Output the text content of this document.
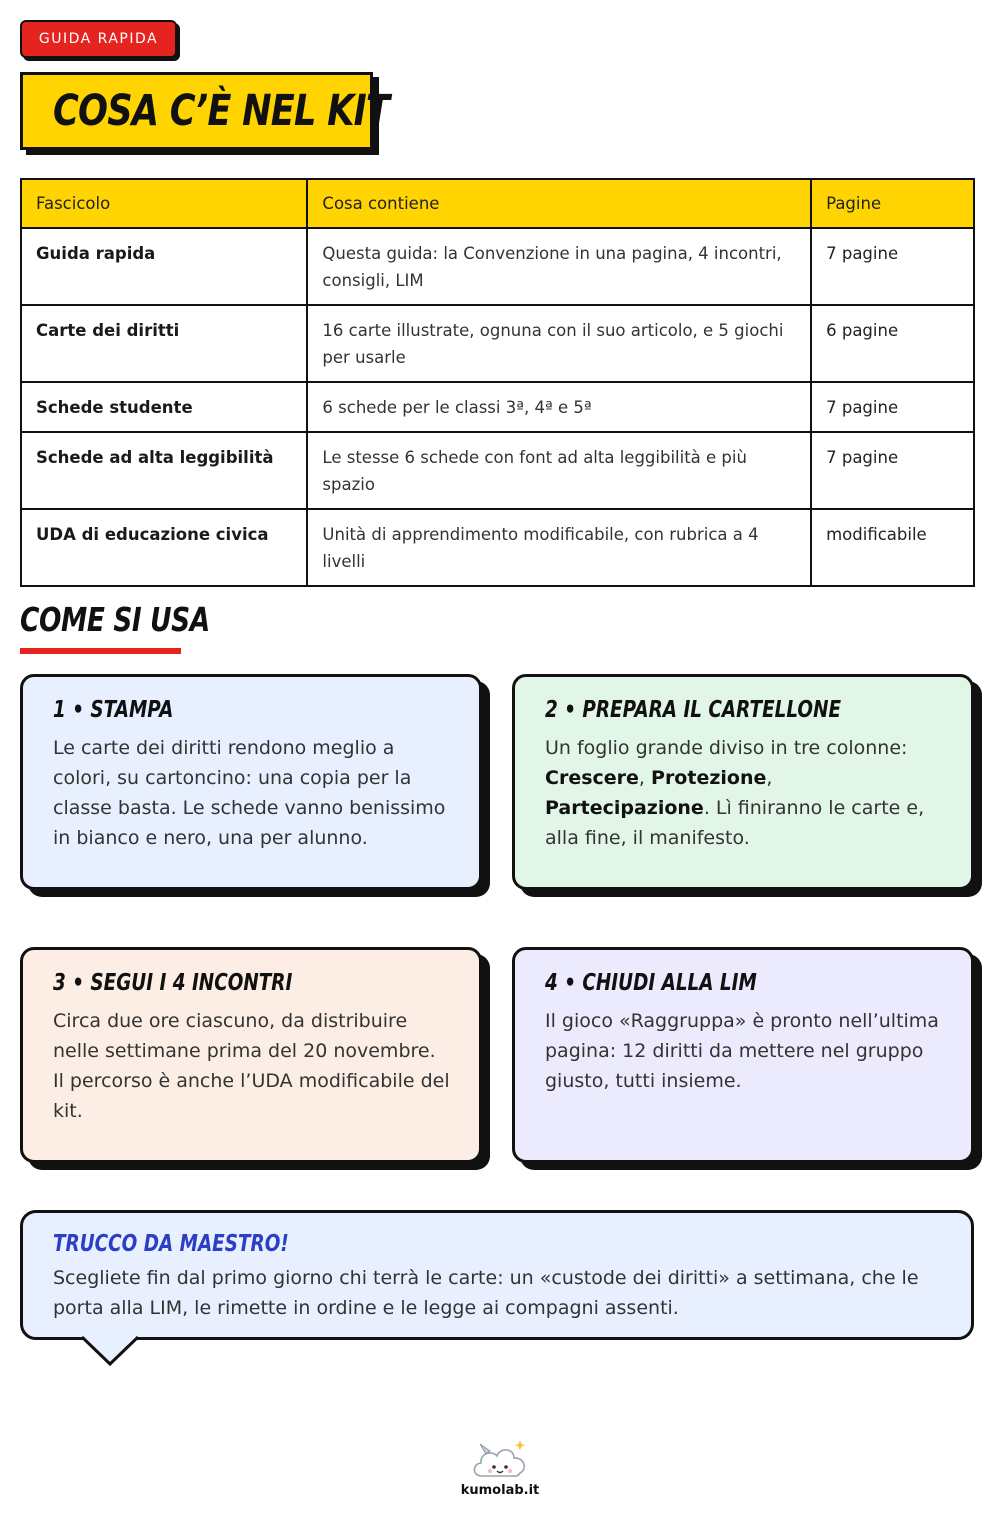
GUIDA RAPIDA
COSA C’È NEL KIT
Fascicolo	Cosa contiene	Pagine
Guida rapida	Questa guida: la Convenzione in una pagina, 4 incontri, consigli, LIM	7 pagine
Carte dei diritti	16 carte illustrate, ognuna con il suo articolo, e 5 giochi per usarle	6 pagine
Schede studente	6 schede per le classi 3ª, 4ª e 5ª	7 pagine
Schede ad alta leggibilità	Le stesse 6 schede con font ad alta leggibilità e più spazio	7 pagine
UDA di educazione civica	Unità di apprendimento modificabile, con rubrica a 4 livelli	modificabile
COME SI USA
1 • STAMPA

Le carte dei diritti rendono meglio a colori, su cartoncino: una copia per la classe basta. Le schede vanno benissimo in bianco e nero, una per alunno.

2 • PREPARA IL CARTELLONE

Un foglio grande diviso in tre colonne: Crescere, Protezione, Partecipazione. Lì finiranno le carte e, alla fine, il manifesto.

3 • SEGUI I 4 INCONTRI

Circa due ore ciascuno, da distribuire nelle settimane prima del 20 novembre. Il percorso è anche l’UDA modificabile del kit.

4 • CHIUDI ALLA LIM

Il gioco «Raggruppa» è pronto nell’ultima pagina: 12 diritti da mettere nel gruppo giusto, tutti insieme.

TRUCCO DA MAESTRO!

Scegliete fin dal primo giorno chi terrà le carte: un «custode dei diritti» a settimana, che le porta alla LIM, le rimette in ordine e le legge ai compagni assenti.

kumolab.it
